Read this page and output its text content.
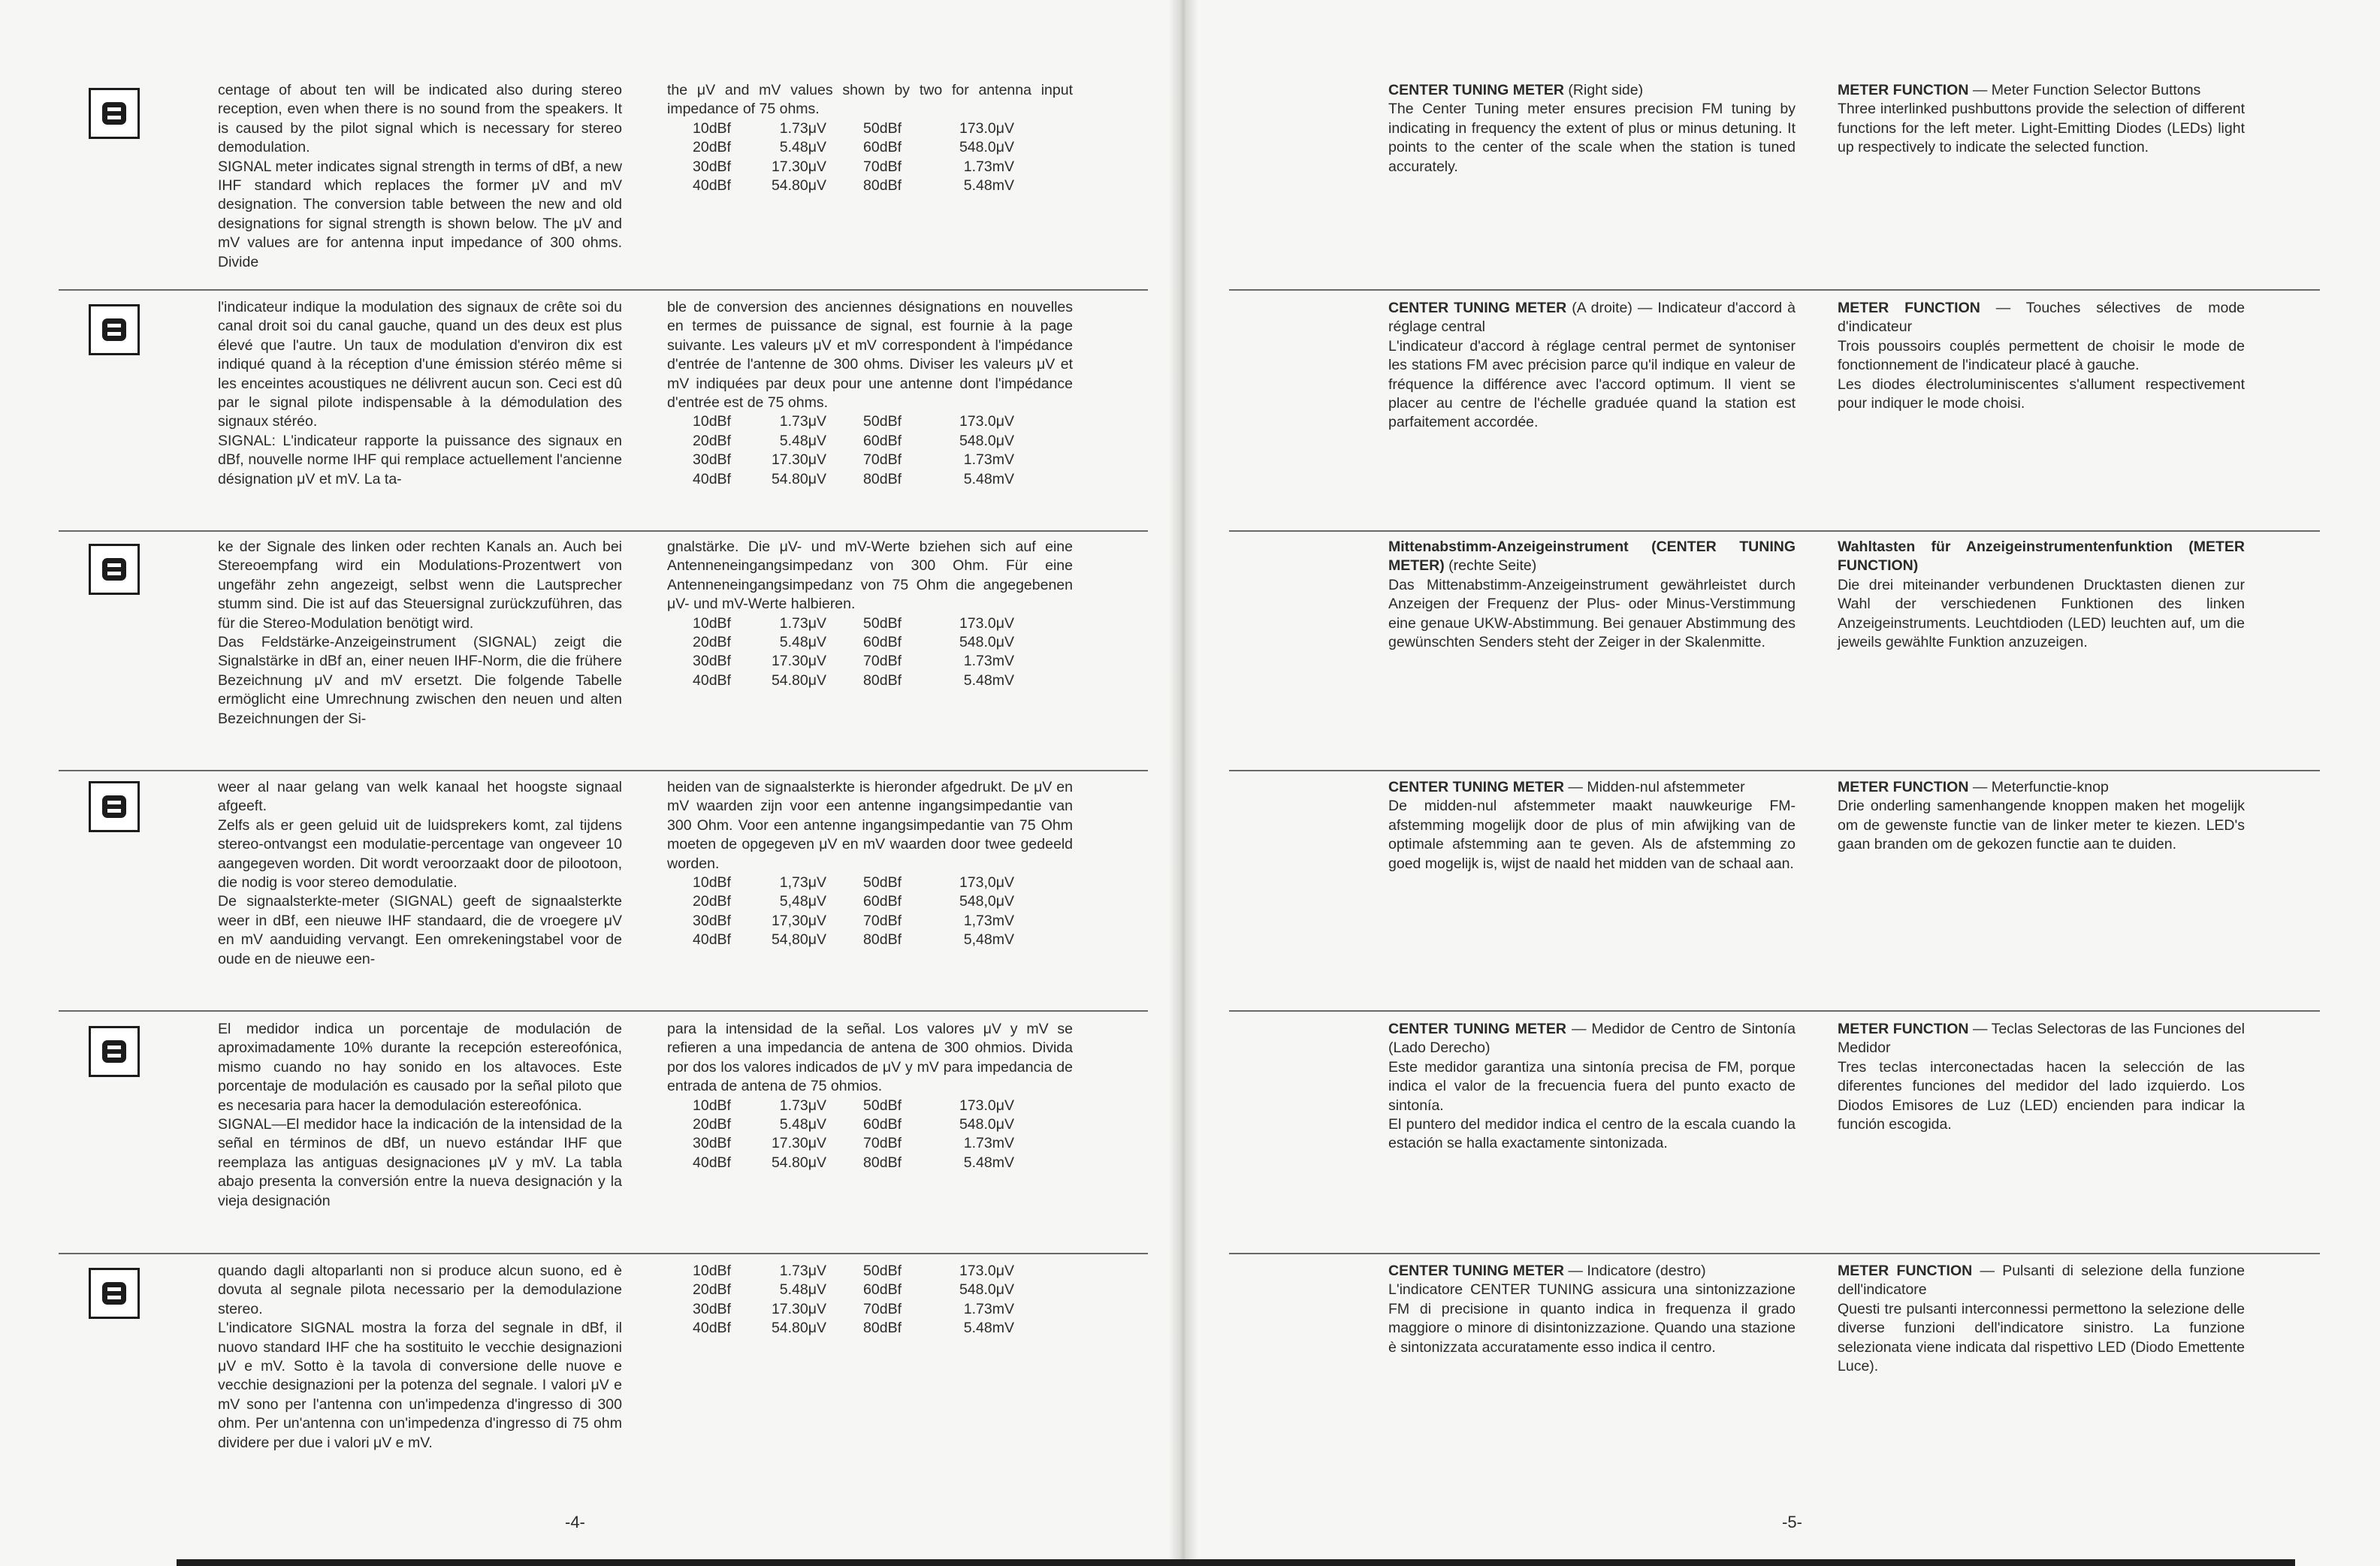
centage of about ten will be indicated also during stereo reception, even when there is no sound from the speakers. It is caused by the pilot signal which is necessary for stereo demodulation.

SIGNAL meter indicates signal strength in terms of dBf, a new IHF standard which replaces the former μV and mV designation. The conversion table between the new and old designations for signal strength is shown below. The μV and mV values are for antenna input impedance of 300 ohms. Divide

the μV and mV values shown by two for antenna input impedance of 75 ohms.

10dBf	1.73μV	50dBf	173.0μV
20dBf	5.48μV	60dBf	548.0μV
30dBf	17.30μV	70dBf	1.73mV
40dBf	54.80μV	80dBf	5.48mV

l'indicateur indique la modulation des signaux de crête soi du canal droit soi du canal gauche, quand un des deux est plus élevé que l'autre. Un taux de modulation d'environ dix est indiqué quand à la réception d'une émission stéréo même si les enceintes acoustiques ne délivrent aucun son. Ceci est dû par le signal pilote indispensable à la démodulation des signaux stéréo.

SIGNAL: L'indicateur rapporte la puissance des signaux en dBf, nouvelle norme IHF qui remplace actuellement l'ancienne désignation μV et mV. La ta-

ble de conversion des anciennes désignations en nouvelles en termes de puissance de signal, est fournie à la page suivante. Les valeurs μV et mV correspondent à l'impédance d'entrée de l'antenne de 300 ohms. Diviser les valeurs μV et mV indiquées par deux pour une antenne dont l'impédance d'entrée est de 75 ohms.

10dBf	1.73μV	50dBf	173.0μV
20dBf	5.48μV	60dBf	548.0μV
30dBf	17.30μV	70dBf	1.73mV
40dBf	54.80μV	80dBf	5.48mV

ke der Signale des linken oder rechten Kanals an. Auch bei Stereoempfang wird ein Modulations-Prozentwert von ungefähr zehn angezeigt, selbst wenn die Lautsprecher stumm sind. Die ist auf das Steuersignal zurückzuführen, das für die Stereo-Modulation benötigt wird.

Das Feldstärke-Anzeigeinstrument (SIGNAL) zeigt die Signalstärke in dBf an, einer neuen IHF-Norm, die die frühere Bezeichnung μV and mV ersetzt. Die folgende Tabelle ermöglicht eine Umrechnung zwischen den neuen und alten Bezeichnungen der Si-

gnalstärke. Die μV- und mV-Werte bziehen sich auf eine Antenneneingangsimpedanz von 300 Ohm. Für eine Antenneneingangsimpedanz von 75 Ohm die angegebenen μV- und mV-Werte halbieren.

10dBf	1.73μV	50dBf	173.0μV
20dBf	5.48μV	60dBf	548.0μV
30dBf	17.30μV	70dBf	1.73mV
40dBf	54.80μV	80dBf	5.48mV

weer al naar gelang van welk kanaal het hoogste signaal afgeeft.

Zelfs als er geen geluid uit de luidsprekers komt, zal tijdens stereo-ontvangst een modulatie-percentage van ongeveer 10 aangegeven worden. Dit wordt veroorzaakt door de pilootoon, die nodig is voor stereo demodulatie.

De signaalsterkte-meter (SIGNAL) geeft de signaalsterkte weer in dBf, een nieuwe IHF standaard, die de vroegere μV en mV aanduiding vervangt. Een omrekeningstabel voor de oude en de nieuwe een-

heiden van de signaalsterkte is hieronder afgedrukt. De μV en mV waarden zijn voor een antenne ingangsimpedantie van 300 Ohm. Voor een antenne ingangsimpedantie van 75 Ohm moeten de opgegeven μV en mV waarden door twee gedeeld worden.

10dBf	1,73μV	50dBf	173,0μV
20dBf	5,48μV	60dBf	548,0μV
30dBf	17,30μV	70dBf	1,73mV
40dBf	54,80μV	80dBf	5,48mV

El medidor indica un porcentaje de modulación de aproximadamente 10% durante la recepción estereofónica, mismo cuando no hay sonido en los altavoces. Este porcentaje de modulación es causado por la señal piloto que es necesaria para hacer la demodulación estereofónica.

SIGNAL—El medidor hace la indicación de la intensidad de la señal en términos de dBf, un nuevo estándar IHF que reemplaza las antiguas designaciones μV y mV. La tabla abajo presenta la conversión entre la nueva designación y la vieja designación

para la intensidad de la señal. Los valores μV y mV se refieren a una impedancia de antena de 300 ohmios. Divida por dos los valores indicados de μV y mV para impedancia de entrada de antena de 75 ohmios.

10dBf	1.73μV	50dBf	173.0μV
20dBf	5.48μV	60dBf	548.0μV
30dBf	17.30μV	70dBf	1.73mV
40dBf	54.80μV	80dBf	5.48mV

quando dagli altoparlanti non si produce alcun suono, ed è dovuta al segnale pilota necessario per la demodulazione stereo.

L'indicatore SIGNAL mostra la forza del segnale in dBf, il nuovo standard IHF che ha sostituito le vecchie designazioni μV e mV. Sotto è la tavola di conversione delle nuove e vecchie designazioni per la potenza del segnale. I valori μV e mV sono per l'antenna con un'impedenza d'ingresso di 300 ohm. Per un'antenna con un'impedenza d'ingresso di 75 ohm dividere per due i valori μV e mV.

10dBf	1.73μV	50dBf	173.0μV
20dBf	5.48μV	60dBf	548.0μV
30dBf	17.30μV	70dBf	1.73mV
40dBf	54.80μV	80dBf	5.48mV
-4-
CENTER TUNING METER (Right side)

The Center Tuning meter ensures precision FM tuning by indicating in frequency the extent of plus or minus detuning. It points to the center of the scale when the station is tuned accurately.

METER FUNCTION — Meter Function Selector Buttons

Three interlinked pushbuttons provide the selection of different functions for the left meter. Light-Emitting Diodes (LEDs) light up respectively to indicate the selected function.

CENTER TUNING METER (A droite) — Indicateur d'accord à réglage central

L'indicateur d'accord à réglage central permet de syntoniser les stations FM avec précision parce qu'il indique en valeur de fréquence la différence avec l'accord optimum. Il vient se placer au centre de l'échelle graduée quand la station est parfaitement accordée.

METER FUNCTION — Touches sélectives de mode d'indicateur

Trois poussoirs couplés permettent de choisir le mode de fonctionnement de l'indicateur placé à gauche.

Les diodes électroluminiscentes s'allument respectivement pour indiquer le mode choisi.

Mittenabstimm-Anzeigeinstrument (CENTER TUNING METER) (rechte Seite)

Das Mittenabstimm-Anzeigeinstrument gewährleistet durch Anzeigen der Frequenz der Plus- oder Minus-Verstimmung eine genaue UKW-Abstimmung. Bei genauer Abstimmung des gewünschten Senders steht der Zeiger in der Skalenmitte.

Wahltasten für Anzeigeinstrumentenfunktion (METER FUNCTION)

Die drei miteinander verbundenen Drucktasten dienen zur Wahl der verschiedenen Funktionen des linken Anzeigeinstruments. Leuchtdioden (LED) leuchten auf, um die jeweils gewählte Funktion anzuzeigen.

CENTER TUNING METER — Midden-nul afstemmeter

De midden-nul afstemmeter maakt nauwkeurige FM-afstemming mogelijk door de plus of min afwijking van de optimale afstemming aan te geven. Als de afstemming zo goed mogelijk is, wijst de naald het midden van de schaal aan.

METER FUNCTION — Meterfunctie-knop

Drie onderling samenhangende knoppen maken het mogelijk om de gewenste functie van de linker meter te kiezen. LED's gaan branden om de gekozen functie aan te duiden.

CENTER TUNING METER — Medidor de Centro de Sintonía (Lado Derecho)

Este medidor garantiza una sintonía precisa de FM, porque indica el valor de la frecuencia fuera del punto exacto de sintonía.

El puntero del medidor indica el centro de la escala cuando la estación se halla exactamente sintonizada.

METER FUNCTION — Teclas Selectoras de las Funciones del Medidor

Tres teclas interconectadas hacen la selección de las diferentes funciones del medidor del lado izquierdo. Los Diodos Emisores de Luz (LED) encienden para indicar la función escogida.

CENTER TUNING METER — Indicatore (destro)

L'indicatore CENTER TUNING assicura una sintonizzazione FM di precisione in quanto indica in frequenza il grado maggiore o minore di disintonizzazione. Quando una stazione è sintonizzata accuratamente esso indica il centro.

METER FUNCTION — Pulsanti di selezione della funzione dell'indicatore

Questi tre pulsanti interconnessi permettono la selezione delle diverse funzioni dell'indicatore sinistro. La funzione selezionata viene indicata dal rispettivo LED (Diodo Emettente Luce).

-5-
